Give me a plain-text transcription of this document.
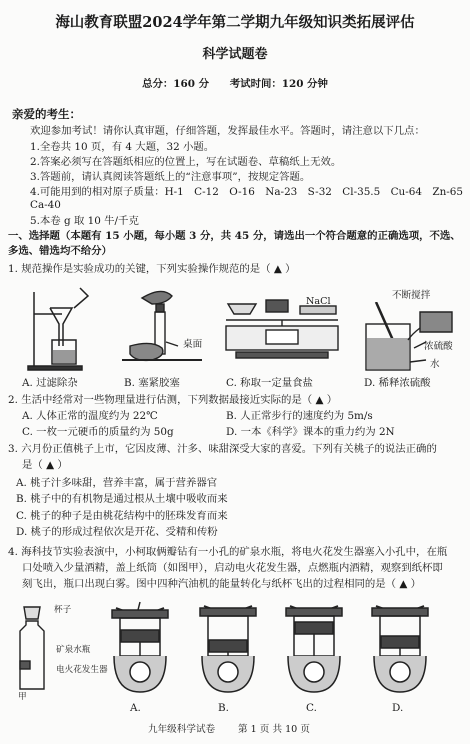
海山教育联盟2024学年第二学期九年级知识类拓展评估
科学试题卷
总分：160 分　　考试时间：120 分钟
亲爱的考生：
欢迎参加考试！请你认真审题，仔细答题，发挥最佳水平。答题时，请注意以下几点：
1.全卷共 10 页，有 4 大题，32 小题。
2.答案必须写在答题纸相应的位置上，写在试题卷、草稿纸上无效。
3.答题前，请认真阅读答题纸上的“注意事项”，按规定答题。
4.可能用到的相对原子质量：H-1　C-12　O-16　Na-23　S-32　Cl-35.5　Cu-64　Zn-65
Ca-40
5.本卷 g 取 10 牛/千克
一、选择题（本题有 15 小题，每小题 3 分，共 45 分，请选出一个符合题意的正确选项，不选、
多选、错选均不给分）
1. 规范操作是实验成功的关键，下列实验操作规范的是（ ▲ ）
桌面
NaCl
不断搅拌
浓硫酸
水
A. 过滤除杂	B. 塞紧胶塞	C. 称取一定量食盐	D. 稀释浓硫酸
2. 生活中经常对一些物理量进行估测，下列数据最接近实际的是（ ▲ ）
A. 人体正常的温度约为 22℃	B. 人正常步行的速度约为 5m/s
C. 一枚一元硬币的质量约为 50g	D. 一本《科学》课本的重力约为 2N
3. 六月份正值桃子上市，它因皮薄、汁多、味甜深受大家的喜爱。下列有关桃子的说法正确的
是（ ▲ ）
A. 桃子汁多味甜，营养丰富，属于营养器官
B. 桃子中的有机物是通过根从土壤中吸收而来
C. 桃子的种子是由桃花结构中的胚珠发育而来
D. 桃子的形成过程依次是开花、受精和传粉
4. 海科技节实验表演中，小柯取俩瓣钻有一小孔的矿泉水瓶，将电火花发生器塞入小孔中，在瓶
口处喷入少量酒精，盖上纸筒（如图甲），启动电火花发生器，点燃瓶内酒精，观察到纸杯即
刻飞出，瓶口出现白雾。图中四种汽油机的能量转化与纸杯飞出的过程相同的是（ ▲ ）
杯子
矿泉水瓶
电火花发生器
甲
A.	B.	C.	D.
九年级科学试卷 第 1 页 共 10 页
